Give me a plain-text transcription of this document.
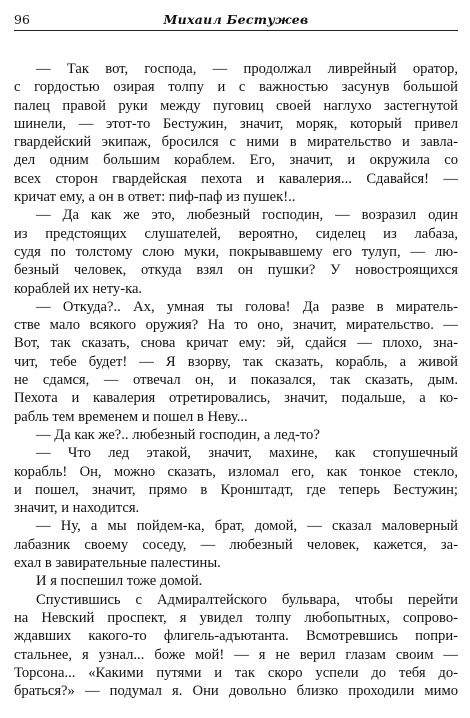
96	Михаил Бестужев
— Так вот, господа, — продолжал ливрейный оратор,
с гордостью озирая толпу и с важностью засунув большой
палец правой руки между пуговиц своей наглухо застегнутой
шинели, — этот-то Бестужин, значит, моряк, который привел
гвардейский экипаж, бросился с ними в мирательство и завла-
дел одним большим кораблем. Его, значит, и окружила со
всех сторон гвардейская пехота и кавалерия... Сдавайся! —
кричат ему, а он в ответ: пиф-паф из пушек!..
— Да как же это, любезный господин, — возразил один
из предстоящих слушателей, вероятно, сиделец из лабаза,
судя по толстому слою муки, покрывавшему его тулуп, — лю-
безный человек, откуда взял он пушки? У новостроящихся
кораблей их нету-ка.
— Откуда?.. Ах, умная ты голова! Да разве в миратель-
стве мало всякого оружия? На то оно, значит, мирательство. —
Вот, так сказать, снова кричат ему: эй, сдайся — плохо, зна-
чит, тебе будет! — Я взорву, так сказать, корабль, а живой
не сдамся, — отвечал он, и показался, так сказать, дым.
Пехота и кавалерия отретировались, значит, подальше, а ко-
рабль тем временем и пошел в Неву...
— Да как же?.. любезный господин, а лед-то?
— Что лед этакой, значит, махине, как стопушечный
корабль! Он, можно сказать, изломал его, как тонкое стекло,
и пошел, значит, прямо в Кронштадт, где теперь Бестужин;
значит, и находится.
— Ну, а мы пойдем-ка, брат, домой, — сказал маловерный
лабазник своему соседу, — любезный человек, кажется, за-
ехал в завирательные палестины.
И я поспешил тоже домой.
Спустившись с Адмиралтейского бульвара, чтобы перейти
на Невский проспект, я увидел толпу любопытных, сопрово-
ждавших какого-то флигель-адъютанта. Всмотревшись попри-
стальнее, я узнал... боже мой! — я не верил глазам своим —
Торсона... «Какими путями и так скоро успели до тебя до-
браться?» — подумал я. Они довольно близко проходили мимо
